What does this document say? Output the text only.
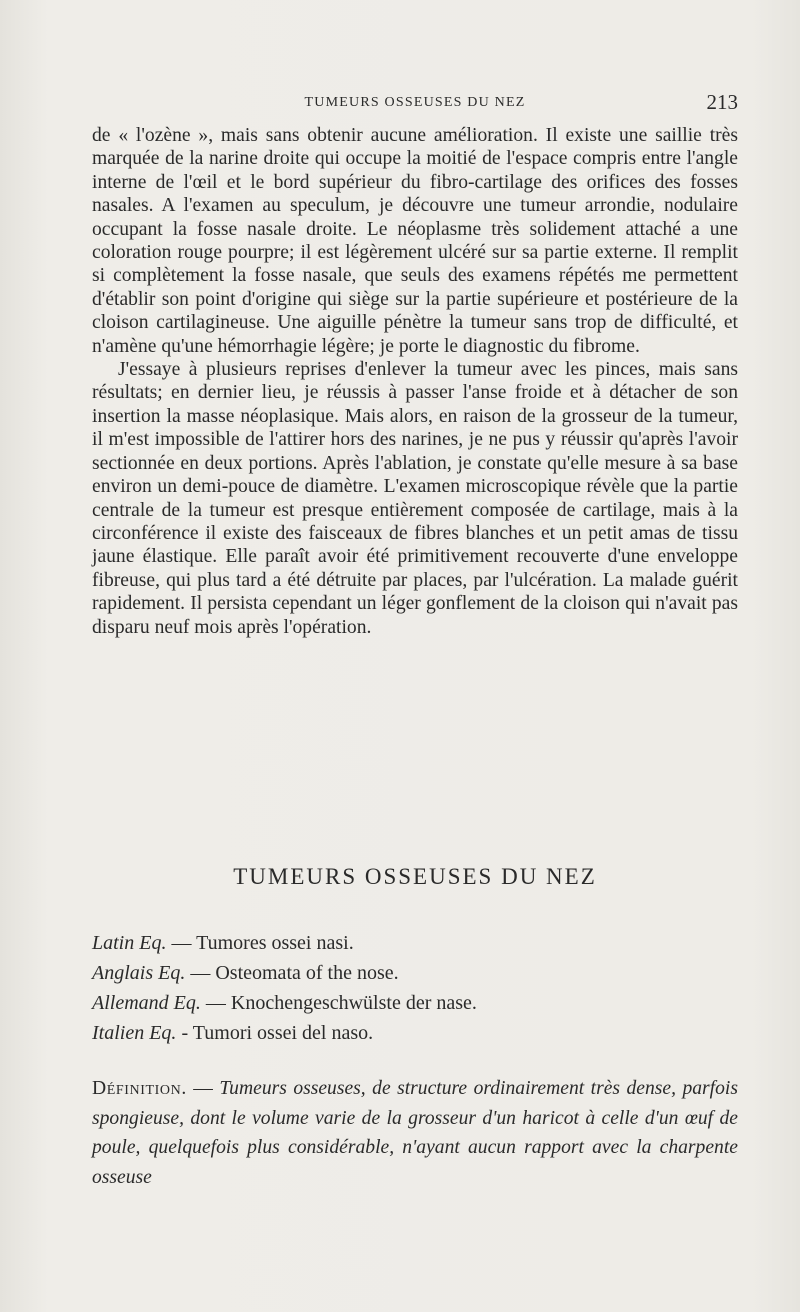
TUMEURS OSSEUSES DU NEZ	213

de « l'ozène », mais sans obtenir aucune amélioration. Il existe une saillie très marquée de la narine droite qui occupe la moitié de l'espace compris entre l'angle interne de l'œil et le bord supérieur du fibro-cartilage des orifices des fosses nasales. A l'examen au speculum, je découvre une tumeur arrondie, nodulaire occupant la fosse nasale droite. Le néoplasme très solidement attaché a une coloration rouge pourpre; il est légèrement ulcéré sur sa partie externe. Il remplit si complètement la fosse nasale, que seuls des examens répétés me permettent d'établir son point d'origine qui siège sur la partie supérieure et postérieure de la cloison cartilagineuse. Une aiguille pénètre la tumeur sans trop de difficulté, et n'amène qu'une hémorrhagie légère; je porte le diagnostic du fibrome.

J'essaye à plusieurs reprises d'enlever la tumeur avec les pinces, mais sans résultats; en dernier lieu, je réussis à passer l'anse froide et à détacher de son insertion la masse néoplasique. Mais alors, en raison de la grosseur de la tumeur, il m'est impossible de l'attirer hors des narines, je ne pus y réussir qu'après l'avoir sectionnée en deux portions. Après l'ablation, je constate qu'elle mesure à sa base environ un demi-pouce de diamètre. L'examen microscopique révèle que la partie centrale de la tumeur est presque entièrement composée de cartilage, mais à la circonférence il existe des faisceaux de fibres blanches et un petit amas de tissu jaune élastique. Elle paraît avoir été primitivement recouverte d'une enveloppe fibreuse, qui plus tard a été détruite par places, par l'ulcération. La malade guérit rapidement. Il persista cependant un léger gonflement de la cloison qui n'avait pas disparu neuf mois après l'opération.

TUMEURS OSSEUSES DU NEZ

Latin Eq. — Tumores ossei nasi.

Anglais Eq. — Osteomata of the nose.

Allemand Eq. — Knochengeschwülste der nase.

Italien Eq. - Tumori ossei del naso.

Définition. — Tumeurs osseuses, de structure ordinairement très dense, parfois spongieuse, dont le volume varie de la grosseur d'un haricot à celle d'un œuf de poule, quelquefois plus considérable, n'ayant aucun rapport avec la charpente osseuse
